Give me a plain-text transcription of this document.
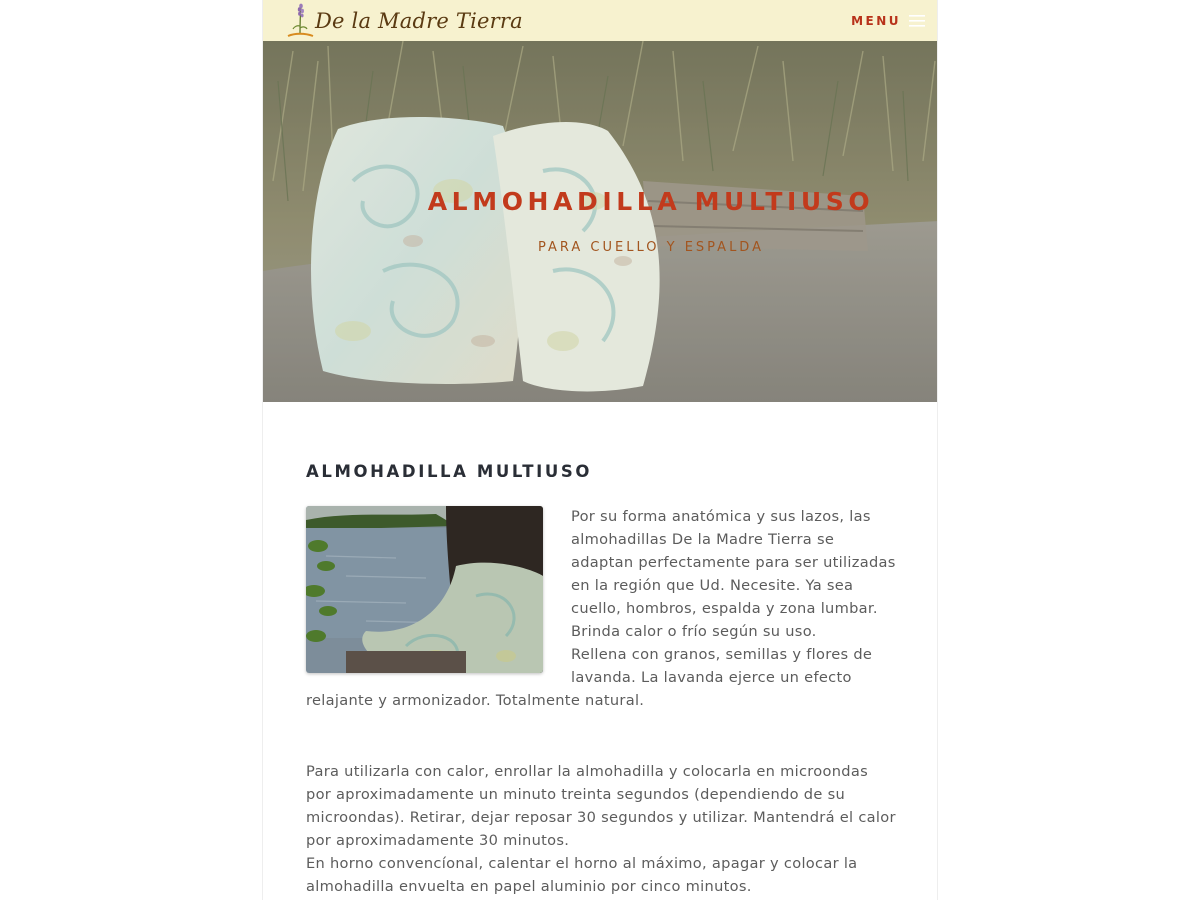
De la Madre Tierra	MENU
ALMOHADILLA MULTIUSO
PARA CUELLO Y ESPALDA
ALMOHADILLA MULTIUSO

Por su forma anatómica y sus lazos, las almohadillas De la Madre Tierra se adaptan perfectamente para ser utilizadas en la región que Ud. Necesite. Ya sea cuello, hombros, espalda y zona lumbar. Brinda calor o frío según su uso.

Rellena con granos, semillas y flores de lavanda. La lavanda ejerce un efecto relajante y armonizador. Totalmente natural.

Para utilizarla con calor, enrollar la almohadilla y colocarla en microondas por aproximadamente un minuto treinta segundos (dependiendo de su microondas). Retirar, dejar reposar 30 segundos y utilizar. Mantendrá el calor por aproximadamente 30 minutos.

En horno convencíonal, calentar el horno al máximo, apagar y colocar la almohadilla envuelta en papel aluminio por cinco minutos.
